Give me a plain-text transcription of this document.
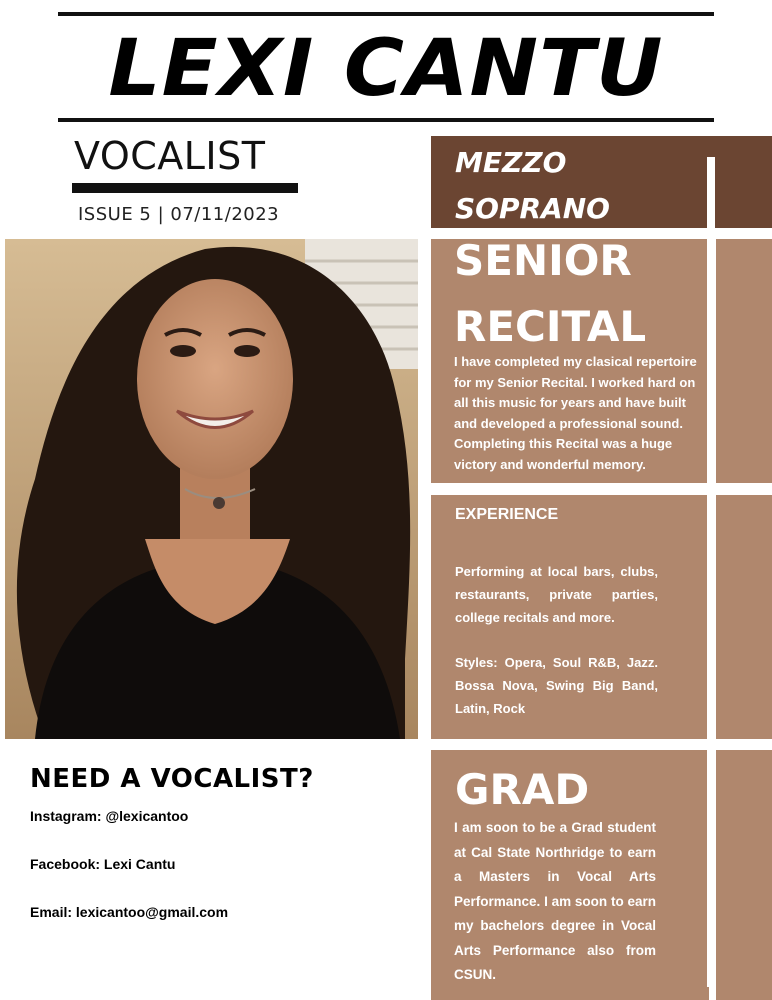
LEXI CANTU
VOCALIST
ISSUE 5 | 07/11/2023
MEZZO SOPRANO
SENIOR RECITAL
I have completed my clasical repertoire for my Senior Recital. I worked hard on all this music for years and have built and developed a professional sound. Completing this Recital was a huge victory and wonderful memory.
EXPERIENCE
Performing at local bars, clubs, restaurants, private parties, college recitals and more.
Styles: Opera, Soul R&B, Jazz. Bossa Nova, Swing Big Band, Latin, Rock
GRAD
I am soon to be a Grad student at Cal State Northridge to earn a Masters in Vocal Arts Performance. I am soon to earn my bachelors degree in Vocal Arts Performance also from CSUN.
NEED A VOCALIST?
Instagram: @lexicantoo
Facebook: Lexi Cantu
Email: lexicantoo@gmail.com
